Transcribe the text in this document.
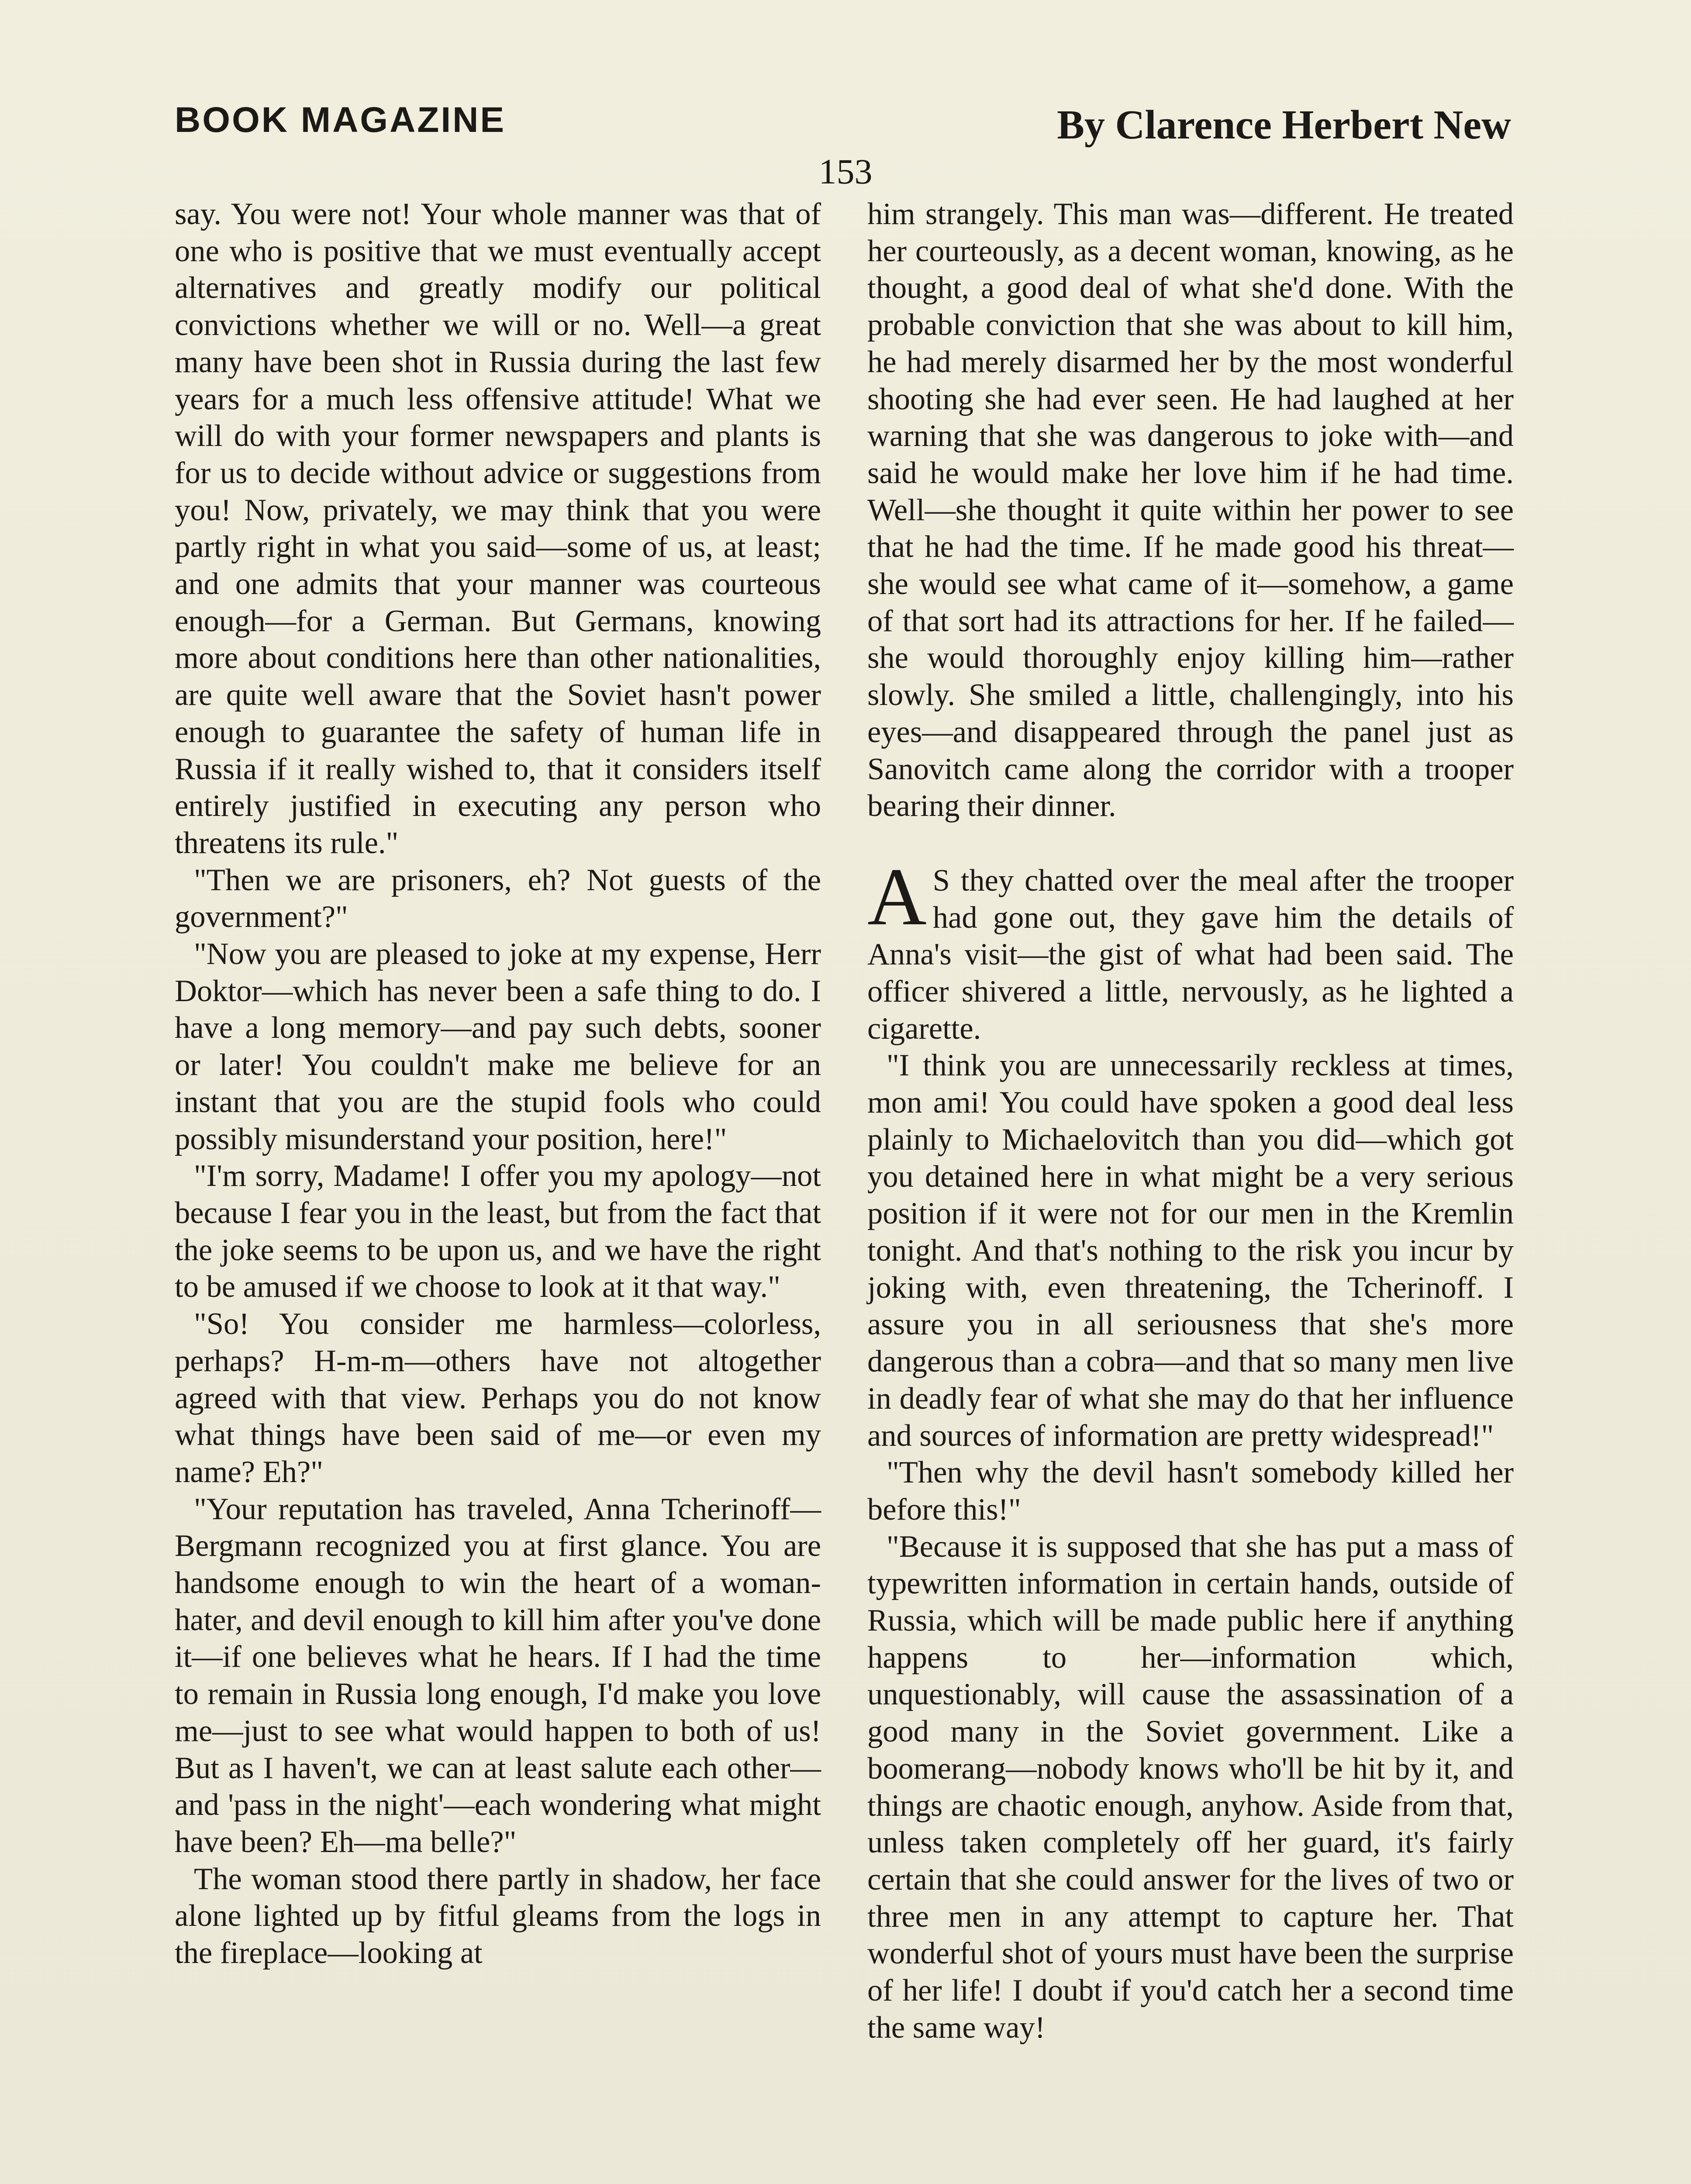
BOOK MAGAZINE	By Clarence Herbert New
153

say. You were not! Your whole manner was that of one who is positive that we must eventually accept alternatives and greatly modify our political convictions whether we will or no. Well—a great many have been shot in Russia during the last few years for a much less offensive attitude! What we will do with your former newspapers and plants is for us to decide without advice or suggestions from you! Now, privately, we may think that you were partly right in what you said—some of us, at least; and one admits that your manner was courteous enough—for a German. But Germans, knowing more about conditions here than other nationalities, are quite well aware that the Soviet hasn't power enough to guarantee the safety of human life in Russia if it really wished to, that it considers itself entirely justified in executing any person who threatens its rule."

"Then we are prisoners, eh? Not guests of the government?"

"Now you are pleased to joke at my expense, Herr Doktor—which has never been a safe thing to do. I have a long memory—and pay such debts, sooner or later! You couldn't make me believe for an instant that you are the stupid fools who could possibly misunderstand your position, here!"

"I'm sorry, Madame! I offer you my apology—not because I fear you in the least, but from the fact that the joke seems to be upon us, and we have the right to be amused if we choose to look at it that way."

"So! You consider me harmless—colorless, perhaps? H-m-m—others have not altogether agreed with that view. Perhaps you do not know what things have been said of me—or even my name? Eh?"

"Your reputation has traveled, Anna Tcherinoff—Bergmann recognized you at first glance. You are handsome enough to win the heart of a woman-hater, and devil enough to kill him after you've done it—if one believes what he hears. If I had the time to remain in Russia long enough, I'd make you love me—just to see what would happen to both of us! But as I haven't, we can at least salute each other—and 'pass in the night'—each wondering what might have been? Eh—ma belle?"

The woman stood there partly in shadow, her face alone lighted up by fitful gleams from the logs in the fireplace—looking at

him strangely. This man was—different. He treated her courteously, as a decent woman, knowing, as he thought, a good deal of what she'd done. With the probable conviction that she was about to kill him, he had merely disarmed her by the most wonderful shooting she had ever seen. He had laughed at her warning that she was dangerous to joke with—and said he would make her love him if he had time. Well—she thought it quite within her power to see that he had the time. If he made good his threat—she would see what came of it—somehow, a game of that sort had its attractions for her. If he failed—she would thoroughly enjoy killing him—rather slowly. She smiled a little, challengingly, into his eyes—and disappeared through the panel just as Sanovitch came along the corridor with a trooper bearing their dinner.

A S they chatted over the meal after the trooper had gone out, they gave him the details of Anna's visit—the gist of what had been said. The officer shivered a little, nervously, as he lighted a cigarette.

"I think you are unnecessarily reckless at times, mon ami! You could have spoken a good deal less plainly to Michaelovitch than you did—which got you detained here in what might be a very serious position if it were not for our men in the Kremlin tonight. And that's nothing to the risk you incur by joking with, even threatening, the Tcherinoff. I assure you in all seriousness that she's more dangerous than a cobra—and that so many men live in deadly fear of what she may do that her influence and sources of information are pretty widespread!"

"Then why the devil hasn't somebody killed her before this!"

"Because it is supposed that she has put a mass of typewritten information in certain hands, outside of Russia, which will be made public here if anything happens to her—information which, unquestionably, will cause the assassination of a good many in the Soviet government. Like a boomerang—nobody knows who'll be hit by it, and things are chaotic enough, anyhow. Aside from that, unless taken completely off her guard, it's fairly certain that she could answer for the lives of two or three men in any attempt to capture her. That wonderful shot of yours must have been the surprise of her life! I doubt if you'd catch her a second time the same way!
